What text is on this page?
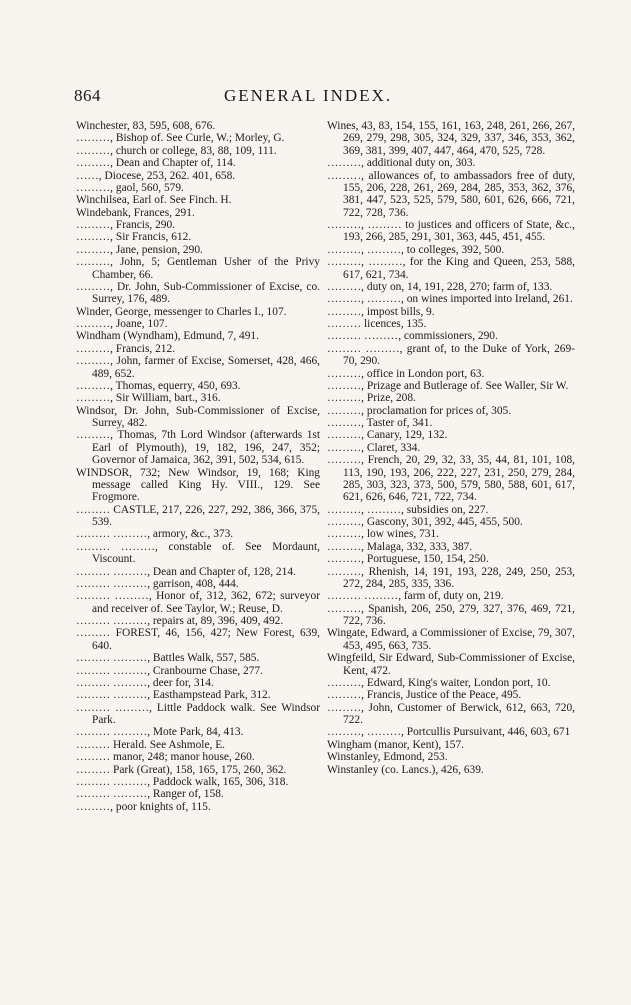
864	GENERAL INDEX.

Winchester, 83, 595, 608, 676.

………, Bishop of. See Curle, W.; Morley, G.

………, church or college, 83, 88, 109, 111.

………, Dean and Chapter of, 114.

……, Diocese, 253, 262. 401, 658.

………, gaol, 560, 579.

Winchilsea, Earl of. See Finch. H.

Windebank, Frances, 291.

………, Francis, 290.

………, Sir Francis, 612.

………, Jane, pension, 290.

………, John, 5; Gentleman Usher of the Privy Chamber, 66.

………, Dr. John, Sub-Commissioner of Excise, co. Surrey, 176, 489.

Winder, George, messenger to Charles I., 107.

………, Joane, 107.

Windham (Wyndham), Edmund, 7, 491.

………, Francis, 212.

………, John, farmer of Excise, Somerset, 428, 466, 489, 652.

………, Thomas, equerry, 450, 693.

………, Sir William, bart., 316.

Windsor, Dr. John, Sub-Commissioner of Excise, Surrey, 482.

………, Thomas, 7th Lord Windsor (afterwards 1st Earl of Plymouth), 19, 182, 196, 247, 352; Governor of Jamaica, 362, 391, 502, 534, 615.

WINDSOR, 732; New Windsor, 19, 168; King message called King Hy. VIII., 129. See Frogmore.

……… CASTLE, 217, 226, 227, 292, 386, 366, 375, 539.

……… ………, armory, &c., 373.

……… ………, constable of. See Mordaunt, Viscount.

……… ………, Dean and Chapter of, 128, 214.

……… ………, garrison, 408, 444.

……… ………, Honor of, 312, 362, 672; surveyor and receiver of. See Taylor, W.; Reuse, D.

……… ………, repairs at, 89, 396, 409, 492.

……… FOREST, 46, 156, 427; New Forest, 639, 640.

……… ………, Battles Walk, 557, 585.

……… ………, Cranbourne Chase, 277.

……… ………, deer for, 314.

……… ………, Easthampstead Park, 312.

……… ………, Little Paddock walk. See Windsor Park.

……… ………, Mote Park, 84, 413.

……… Herald. See Ashmole, E.

……… manor, 248; manor house, 260.

……… Park (Great), 158, 165, 175, 260, 362.

……… ………, Paddock walk, 165, 306, 318.

……… ………, Ranger of, 158.

………, poor knights of, 115.

Wines, 43, 83, 154, 155, 161, 163, 248, 261, 266, 267, 269, 279, 298, 305, 324, 329, 337, 346, 353, 362, 369, 381, 399, 407, 447, 464, 470, 525, 728.

………, additional duty on, 303.

………, allowances of, to ambassadors free of duty, 155, 206, 228, 261, 269, 284, 285, 353, 362, 376, 381, 447, 523, 525, 579, 580, 601, 626, 666, 721, 722, 728, 736.

………, ……… to justices and officers of State, &c., 193, 266, 285, 291, 301, 363, 445, 451, 455.

………, ………, to colleges, 392, 500.

………, ………, for the King and Queen, 253, 588, 617, 621, 734.

………, duty on, 14, 191, 228, 270; farm of, 133.

………, ………, on wines imported into Ireland, 261.

………, impost bills, 9.

……… licences, 135.

……… ………, commissioners, 290.

……… ………, grant of, to the Duke of York, 269-70, 290.

………, office in London port, 63.

………, Prizage and Butlerage of. See Waller, Sir W.

………, Prize, 208.

………, proclamation for prices of, 305.

………, Taster of, 341.

………, Canary, 129, 132.

………, Claret, 334.

………, French, 20, 29, 32, 33, 35, 44, 81, 101, 108, 113, 190, 193, 206, 222, 227, 231, 250, 279, 284, 285, 303, 323, 373, 500, 579, 580, 588, 601, 617, 621, 626, 646, 721, 722, 734.

………, ………, subsidies on, 227.

………, Gascony, 301, 392, 445, 455, 500.

………, low wines, 731.

………, Malaga, 332, 333, 387.

………, Portuguese, 150, 154, 250.

………, Rhenish, 14, 191, 193, 228, 249, 250, 253, 272, 284, 285, 335, 336.

……… ………, farm of, duty on, 219.

………, Spanish, 206, 250, 279, 327, 376, 469, 721, 722, 736.

Wingate, Edward, a Commissioner of Excise, 79, 307, 453, 495, 663, 735.

Wingfeild, Sir Edward, Sub-Commissioner of Excise, Kent, 472.

………, Edward, King's waiter, London port, 10.

………, Francis, Justice of the Peace, 495.

………, John, Customer of Berwick, 612, 663, 720, 722.

………, ………, Portcullis Pursuivant, 446, 603, 671

Wingham (manor, Kent), 157.

Winstanley, Edmond, 253.

Winstanley (co. Lancs.), 426, 639.
